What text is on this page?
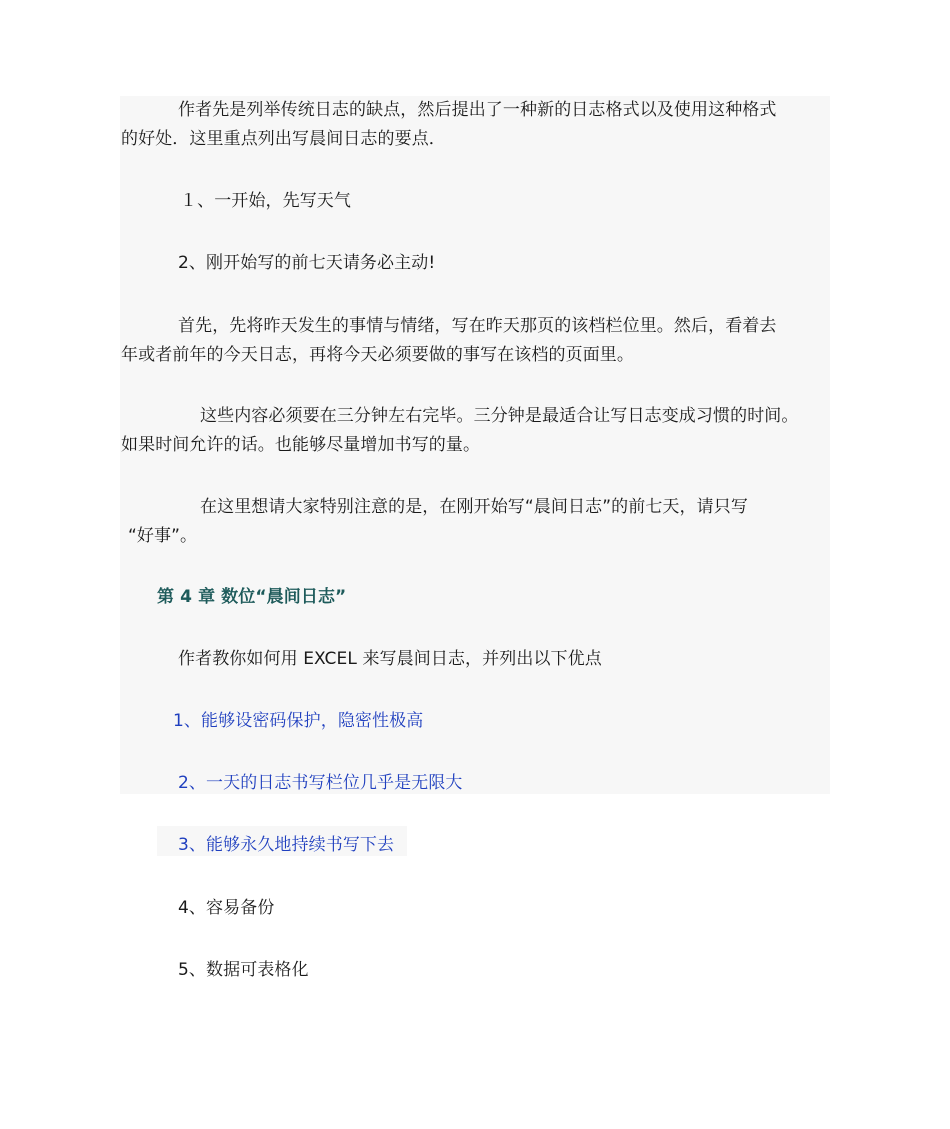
作者先是列举传统日志的缺点，然后提出了一种新的日志格式以及使用这种格式
的好处．这里重点列出写晨间日志的要点．
１、一开始，先写天气
2、刚开始写的前七天请务必主动!
首先，先将昨天发生的事情与情绪，写在昨天那页的该档栏位里。然后，看着去
年或者前年的今天日志，再将今天必须要做的事写在该档的页面里。
这些内容必须要在三分钟左右完毕。三分钟是最适合让写日志变成习惯的时间。
如果时间允许的话。也能够尽量增加书写的量。
在这里想请大家特别注意的是，在刚开始写“晨间日志”的前七天，请只写
“好事”。
第 4 章 数位“晨间日志”
作者教你如何用 EXCEL 来写晨间日志，并列出以下优点
1、能够设密码保护，隐密性极高
2、一天的日志书写栏位几乎是无限大
3、能够永久地持续书写下去
4、容易备份
5、数据可表格化
